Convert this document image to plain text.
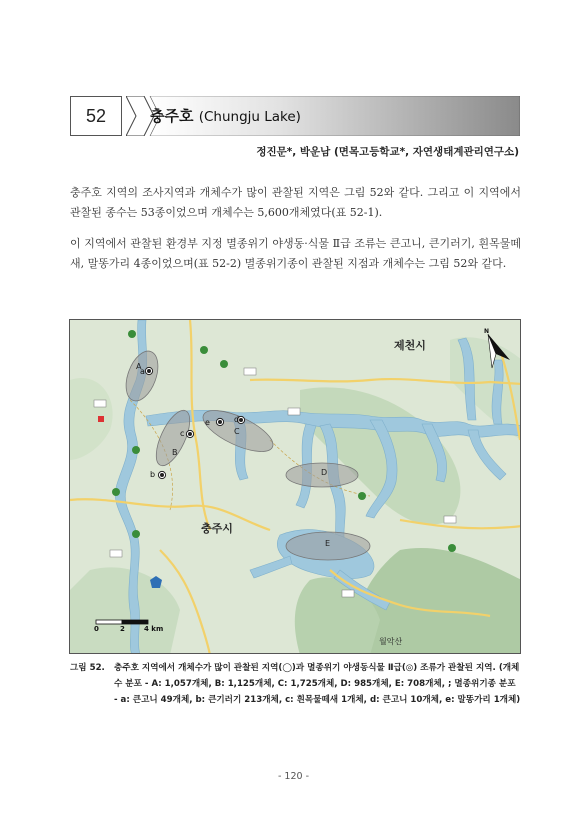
52	충주호 (Chungju Lake)
정진문*, 박운남 (면목고등학교*, 자연생태계관리연구소)

충주호 지역의 조사지역과 개체수가 많이 관찰된 지역은 그림 52와 같다. 그리고 이 지역에서 관찰된 종수는 53종이었으며 개체수는 5,600개체였다(표 52-1).

이 지역에서 관찰된 환경부 지정 멸종위기 야생동·식물 Ⅱ급 조류는 큰고니, 큰기러기, 흰목물떼새, 말똥가리 4종이었으며(표 52-2) 멸종위기종이 관찰된 지점과 개체수는 그림 52와 같다.

제천시
충주시
월악산
A
B
C
D
E
a
b
c
d
e
0	2	4 km
N
그림 52. 충주호 지역에서 개체수가 많이 관찰된 지역(◯)과 멸종위기 야생동식물 Ⅱ급(◎) 조류가 관찰된 지역. (개체수 분포 - A: 1,057개체, B: 1,125개체, C: 1,725개체, D: 985개체, E: 708개체, ; 멸종위기종 분포 - a: 큰고니 49개체, b: 큰기러기 213개체, c: 흰목물떼새 1개체, d: 큰고니 10개체, e: 말똥가리 1개체)
- 120 -
